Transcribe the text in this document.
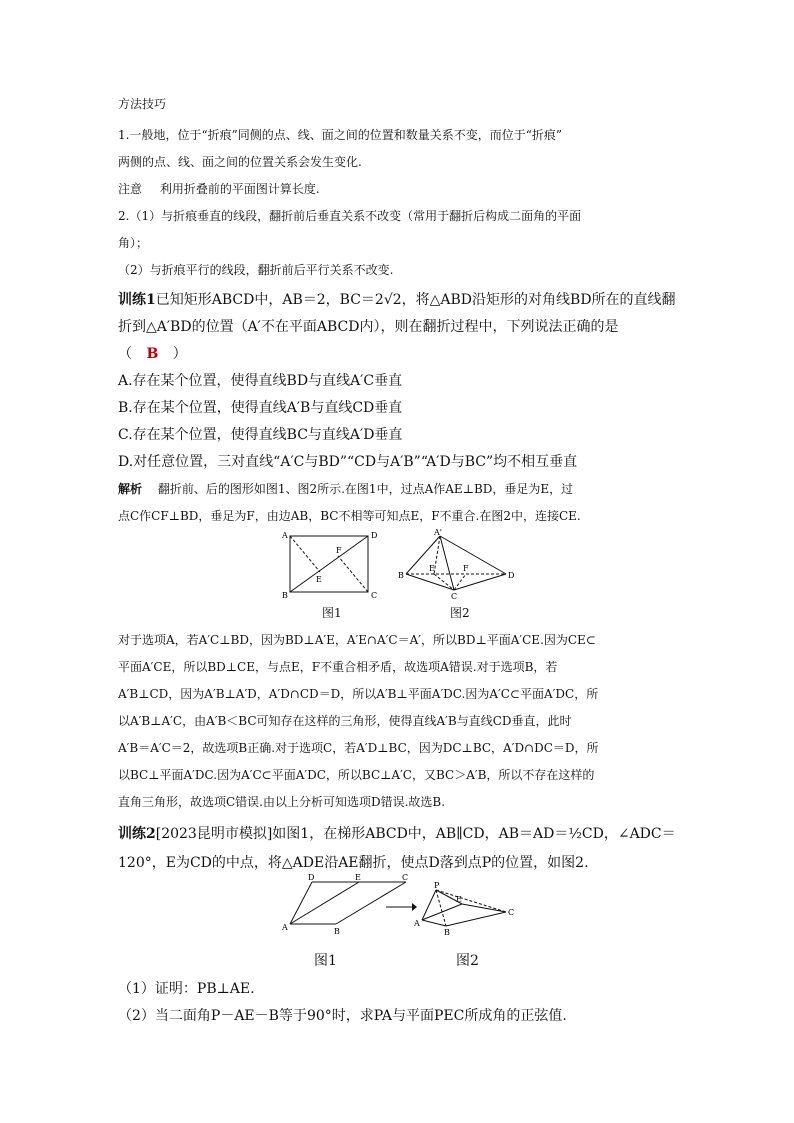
方法技巧
1.一般地，位于“折痕”同侧的点、线、面之间的位置和数量关系不变，而位于“折痕”
两侧的点、线、面之间的位置关系会发生变化.
注意 利用折叠前的平面图计算长度.
2.（1）与折痕垂直的线段，翻折前后垂直关系不改变（常用于翻折后构成二面角的平面
角）；
（2）与折痕平行的线段，翻折前后平行关系不改变.
训练1已知矩形ABCD中，AB＝2，BC＝2√2，将△ABD沿矩形的对角线BD所在的直线翻
折到△A′BD的位置（A′不在平面ABCD内），则在翻折过程中，下列说法正确的是
（ B ）
A.存在某个位置，使得直线BD与直线A′C垂直
B.存在某个位置，使得直线A′B与直线CD垂直
C.存在某个位置，使得直线BC与直线A′D垂直
D.对任意位置，三对直线“A′C与BD”“CD与A′B”“A′D与BC”均不相互垂直
解析 翻折前、后的图形如图1、图2所示.在图1中，过点A作AE⊥BD，垂足为E，过
点C作CF⊥BD，垂足为F，由边AB，BC不相等可知点E，F不重合.在图2中，连接CE.
A	D
B	C
E
F
图1
A'
B	D
C
E	F
图2
对于选项A，若A′C⊥BD，因为BD⊥A′E，A′E∩A′C＝A′，所以BD⊥平面A′CE.因为CE⊂
平面A′CE，所以BD⊥CE，与点E，F不重合相矛盾，故选项A错误.对于选项B，若
A′B⊥CD，因为A′B⊥A′D，A′D∩CD＝D，所以A′B⊥平面A′DC.因为A′C⊂平面A′DC，所
以A′B⊥A′C，由A′B＜BC可知存在这样的三角形，使得直线A′B与直线CD垂直，此时
A′B＝A′C＝2，故选项B正确.对于选项C，若A′D⊥BC，因为DC⊥BC，A′D∩DC＝D，所
以BC⊥平面A′DC.因为A′C⊂平面A′DC，所以BC⊥A′C，又BC＞A′B，所以不存在这样的
直角三角形，故选项C错误.由以上分析可知选项D错误.故选B.
训练2[2023昆明市模拟]如图1，在梯形ABCD中，AB∥CD，AB＝AD＝½CD，∠ADC＝
120°，E为CD的中点，将△ADE沿AE翻折，使点D落到点P的位置，如图2.
D	E	C
A	B
P
E
C
A
B
图1	图2
（1）证明：PB⊥AE.
（2）当二面角P－AE－B等于90°时，求PA与平面PEC所成角的正弦值.
